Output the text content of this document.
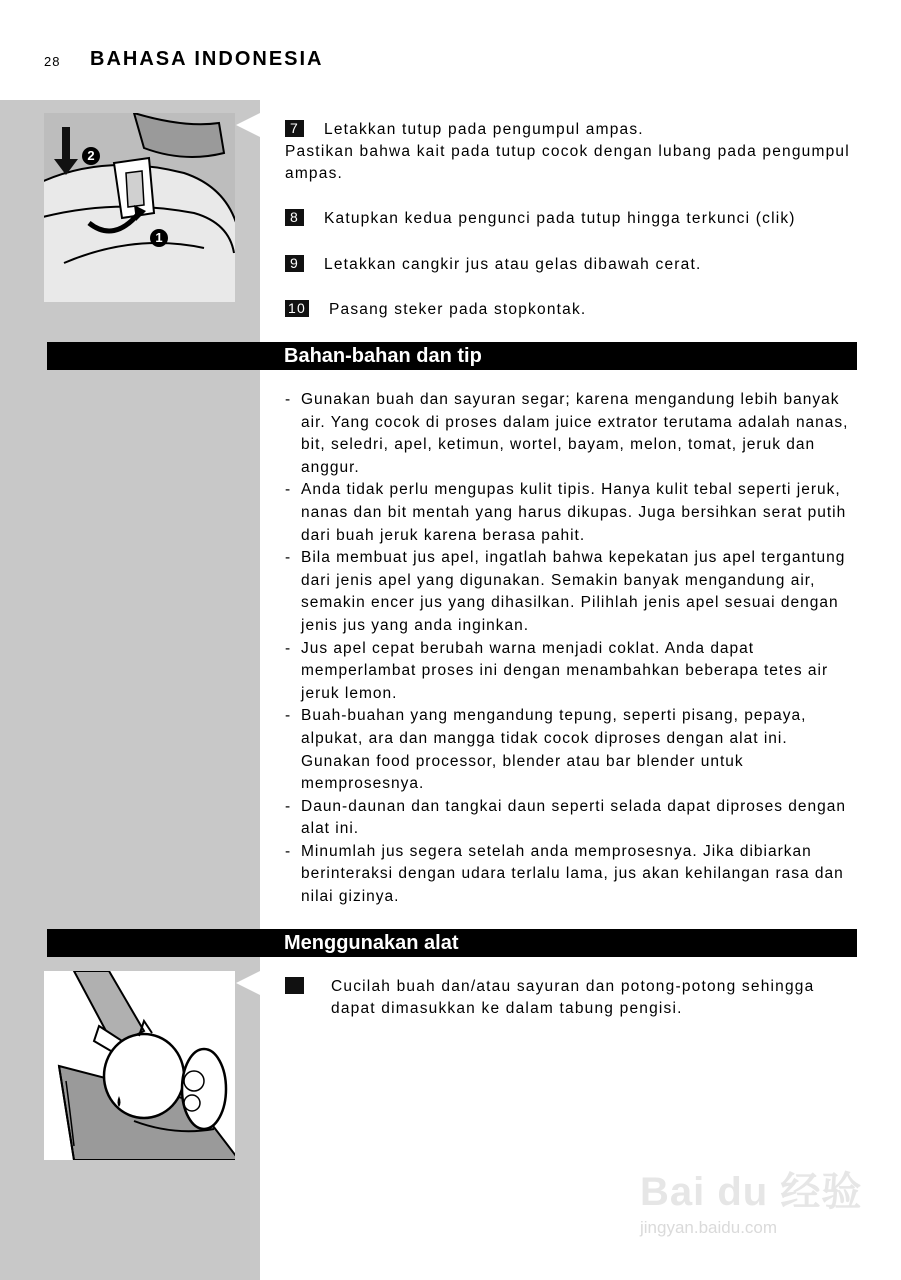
28 BAHASA INDONESIA
2
1
7 Letakkan tutup pada pengumpul ampas.
Pastikan bahwa kait pada tutup cocok dengan lubang pada pengumpul ampas.
8 Katupkan kedua pengunci pada tutup hingga terkunci (clik)
9 Letakkan cangkir jus atau gelas dibawah cerat.
10 Pasang steker pada stopkontak.
Bahan-bahan dan tip
- Gunakan buah dan sayuran segar; karena mengandung lebih banyak air. Yang cocok di proses dalam juice extrator terutama adalah nanas, bit, seledri, apel, ketimun, wortel, bayam, melon, tomat, jeruk dan anggur.
- Anda tidak perlu mengupas kulit tipis. Hanya kulit tebal seperti jeruk, nanas dan bit mentah yang harus dikupas. Juga bersihkan serat putih dari buah jeruk karena berasa pahit.
- Bila membuat jus apel, ingatlah bahwa kepekatan jus apel tergantung dari jenis apel yang digunakan. Semakin banyak mengandung air, semakin encer jus yang dihasilkan. Pilihlah jenis apel sesuai dengan jenis jus yang anda inginkan.
- Jus apel cepat berubah warna menjadi coklat. Anda dapat memperlambat proses ini dengan menambahkan beberapa tetes air jeruk lemon.
- Buah-buahan yang mengandung tepung, seperti pisang, pepaya, alpukat, ara dan mangga tidak cocok diproses dengan alat ini. Gunakan food processor, blender atau bar blender untuk memprosesnya.
- Daun-daunan dan tangkai daun seperti selada dapat diproses dengan alat ini.
- Minumlah jus segera setelah anda memprosesnya. Jika dibiarkan berinteraksi dengan udara terlalu lama, jus akan kehilangan rasa dan nilai gizinya.
Menggunakan alat
1	Cucilah buah dan/atau sayuran dan potong-potong sehingga dapat dimasukkan ke dalam tabung pengisi.
Bai du 经验
jingyan.baidu.com
